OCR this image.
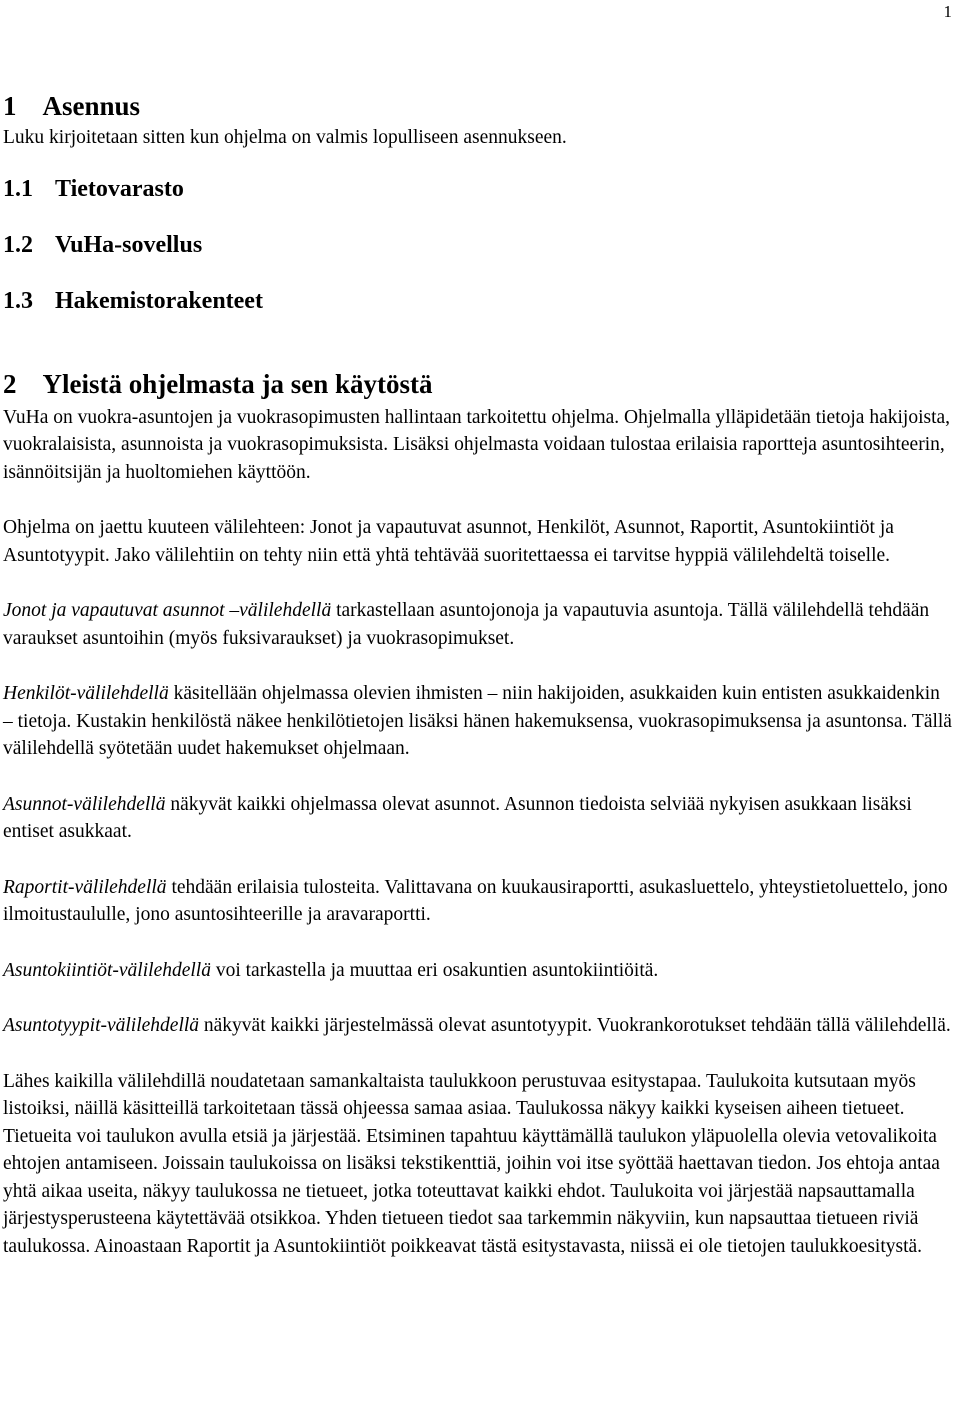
1
1 Asennus

Luku kirjoitetaan sitten kun ohjelma on valmis lopulliseen asennukseen.

1.1 Tietovarasto
1.2 VuHa-sovellus
1.3 Hakemistorakenteet
2 Yleistä ohjelmasta ja sen käytöstä

VuHa on vuokra-asuntojen ja vuokrasopimusten hallintaan tarkoitettu ohjelma. Ohjelmalla ylläpidetään tietoja hakijoista, vuokralaisista, asunnoista ja vuokrasopimuksista. Lisäksi ohjelmasta voidaan tulostaa erilaisia raportteja asuntosihteerin, isännöitsijän ja huoltomiehen käyttöön.

Ohjelma on jaettu kuuteen välilehteen: Jonot ja vapautuvat asunnot, Henkilöt, Asunnot, Raportit, Asuntokiintiöt ja Asuntotyypit. Jako välilehtiin on tehty niin että yhtä tehtävää suoritettaessa ei tarvitse hyppiä välilehdeltä toiselle.

Jonot ja vapautuvat asunnot –välilehdellä tarkastellaan asuntojonoja ja vapautuvia asuntoja. Tällä välilehdellä tehdään varaukset asuntoihin (myös fuksivaraukset) ja vuokrasopimukset.

Henkilöt-välilehdellä käsitellään ohjelmassa olevien ihmisten – niin hakijoiden, asukkaiden kuin entisten asukkaidenkin – tietoja. Kustakin henkilöstä näkee henkilötietojen lisäksi hänen hakemuksensa, vuokrasopimuksensa ja asuntonsa. Tällä välilehdellä syötetään uudet hakemukset ohjelmaan.

Asunnot-välilehdellä näkyvät kaikki ohjelmassa olevat asunnot. Asunnon tiedoista selviää nykyisen asukkaan lisäksi entiset asukkaat.

Raportit-välilehdellä tehdään erilaisia tulosteita. Valittavana on kuukausiraportti, asukasluettelo, yhteystietoluettelo, jono ilmoitustaululle, jono asuntosihteerille ja aravaraportti.

Asuntokiintiöt-välilehdellä voi tarkastella ja muuttaa eri osakuntien asuntokiintiöitä.

Asuntotyypit-välilehdellä näkyvät kaikki järjestelmässä olevat asuntotyypit. Vuokrankorotukset tehdään tällä välilehdellä.

Lähes kaikilla välilehdillä noudatetaan samankaltaista taulukkoon perustuvaa esitystapaa. Taulukoita kutsutaan myös listoiksi, näillä käsitteillä tarkoitetaan tässä ohjeessa samaa asiaa. Taulukossa näkyy kaikki kyseisen aiheen tietueet. Tietueita voi taulukon avulla etsiä ja järjestää. Etsiminen tapahtuu käyttämällä taulukon yläpuolella olevia vetovalikoita ehtojen antamiseen. Joissain taulukoissa on lisäksi tekstikenttiä, joihin voi itse syöttää haettavan tiedon. Jos ehtoja antaa yhtä aikaa useita, näkyy taulukossa ne tietueet, jotka toteuttavat kaikki ehdot. Taulukoita voi järjestää napsauttamalla järjestysperusteena käytettävää otsikkoa. Yhden tietueen tiedot saa tarkemmin näkyviin, kun napsauttaa tietueen riviä taulukossa. Ainoastaan Raportit ja Asuntokiintiöt poikkeavat tästä esitystavasta, niissä ei ole tietojen taulukkoesitystä.
